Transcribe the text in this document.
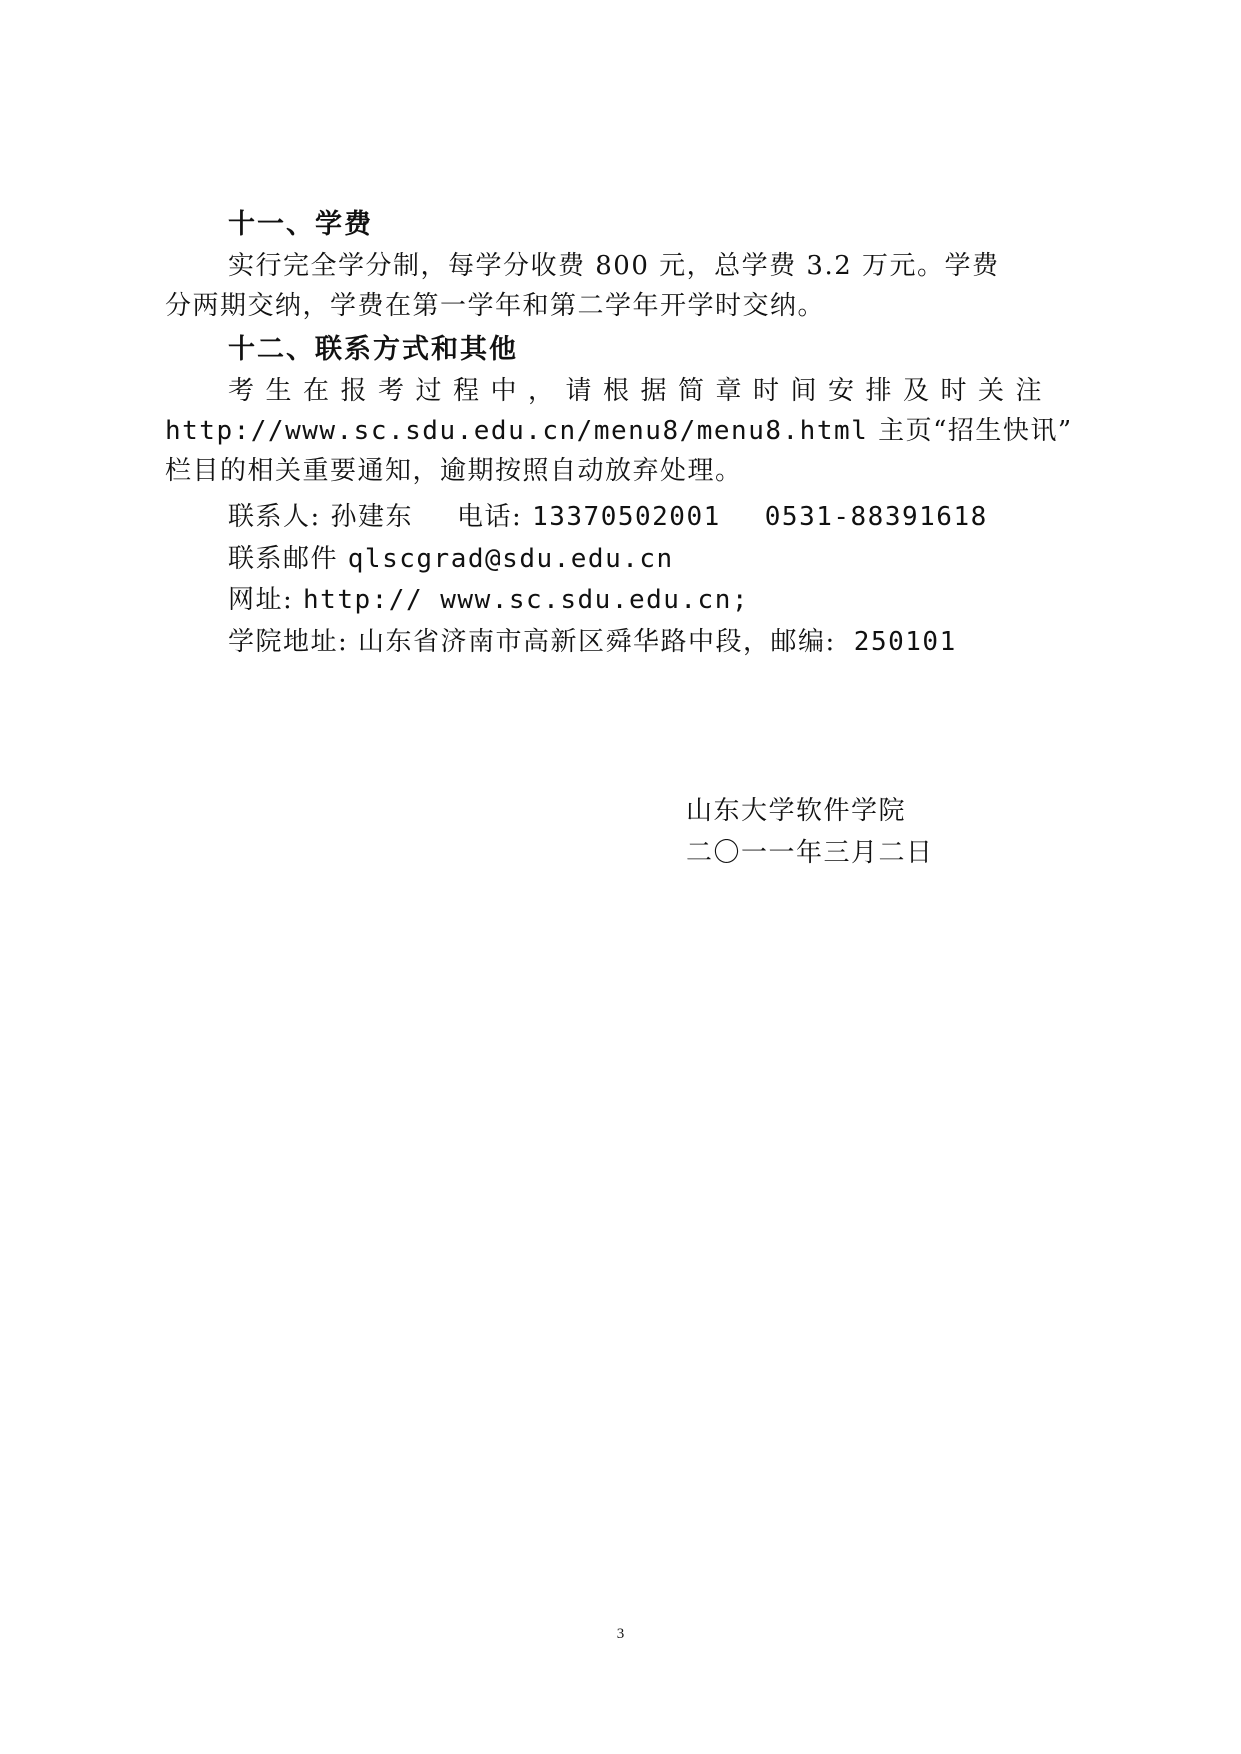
十一、学费
实行完全学分制，每学分收费 800 元，总学费 3.2 万元。学费
分两期交纳，学费在第一学年和第二学年开学时交纳。
十二、联系方式和其他
考生在报考过程中，请根据简章时间安排及时关注
http://www.sc.sdu.edu.cn/menu8/menu8.html 主页“招生快讯”
栏目的相关重要通知，逾期按照自动放弃处理。
联系人: 孙建东 电话: 13370502001 0531-88391618
联系邮件 qlscgrad@sdu.edu.cn
网址: http:// www.sc.sdu.edu.cn;
学院地址: 山东省济南市高新区舜华路中段，邮编: 250101
山东大学软件学院
二〇一一年三月二日
3
